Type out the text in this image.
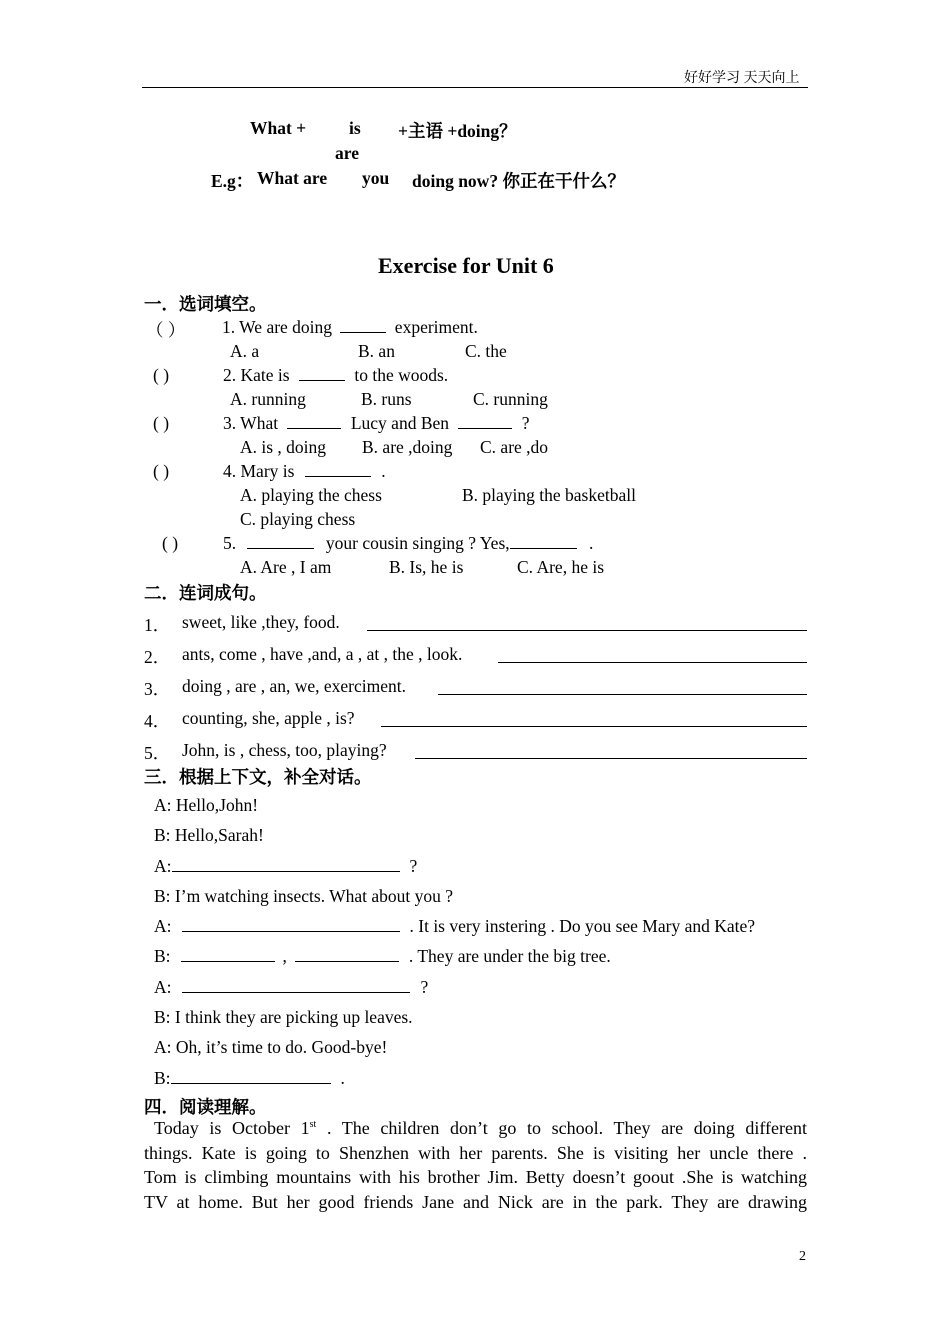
好好学习 天天向上
What + is +主语 +doing？
are
E.g： What are you doing now? 你正在干什么？
Exercise for Unit 6
一．选词填空。
（ ） 1. We are doing	experiment.
A. a	B. an	C. the
( )	2. Kate is	to the woods.
A. running	B. runs	C. running
( )	3. What	Lucy and Ben	?
A. is , doing B. are ,doing C. are ,do
( )	4. Mary is	.
A. playing the chess	B. playing the basketball
C. playing chess
( )	5.	your cousin singing ? Yes,	.
A. Are , I am	B. Is, he is	C. Are, he is
二．连词成句。
1． sweet, like ,they, food.
2． ants, come , have ,and, a , at , the , look.
3． doing , are , an, we, exerciment.
4． counting, she, apple , is?
5． John, is , chess, too, playing?
三．根据上下文，补全对话。
A: Hello,John!
B: Hello,Sarah!
A:	?
B: I’m watching insects. What about you ?
A:	. It is very instering . Do you see Mary and Kate?
B:	,	. They are under the big tree.
A:	?
B: I think they are picking up leaves.
A: Oh, it’s time to do. Good-bye!
B:	.
四．阅读理解。
Today is October 1st . The children don’t go to school. They are doing different
things. Kate is going to Shenzhen with her parents. She is visiting her uncle there .
Tom is climbing mountains with his brother Jim. Betty doesn’t goout .She is watching
TV at home. But her good friends Jane and Nick are in the park. They are drawing
2
